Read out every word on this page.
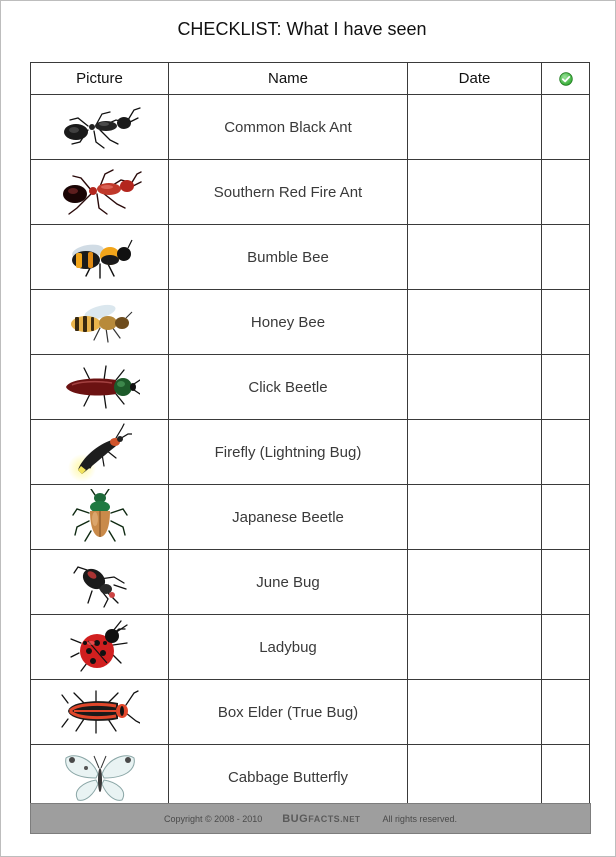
CHECKLIST: What I have seen
Picture	Name	Date	

	Common Black Ant		

	Southern Red Fire Ant		

	Bumble Bee		

	Honey Bee		

	Click Beetle		

	Firefly (Lightning Bug)		

	Japanese Beetle		

	June Bug		

	Ladybug		

	Box Elder (True Bug)		

	Cabbage Butterfly		
Copyright © 2008 - 2010 BUGFACTS.NET All rights reserved.
